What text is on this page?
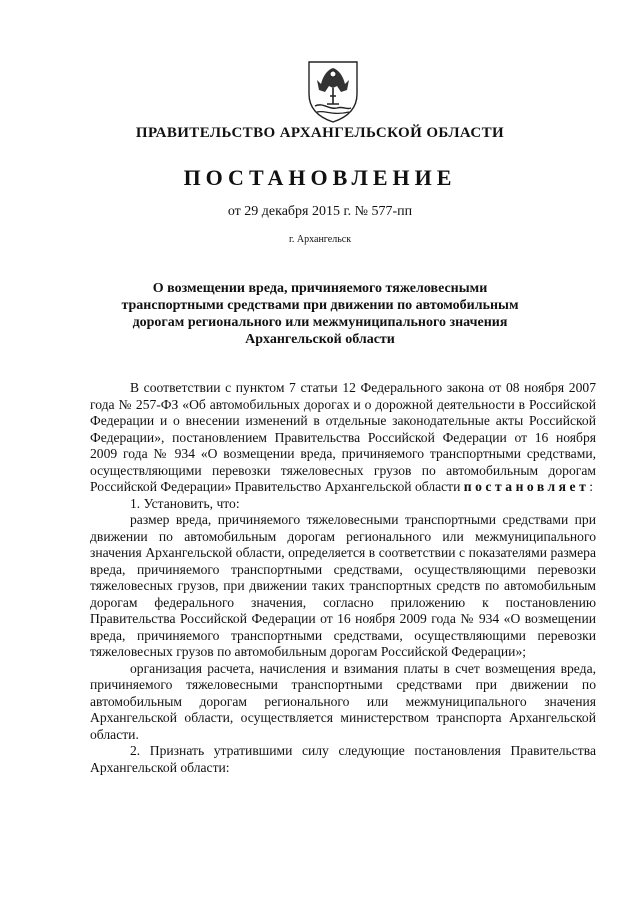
ПРАВИТЕЛЬСТВО АРХАНГЕЛЬСКОЙ ОБЛАСТИ
ПОСТАНОВЛЕНИЕ
от 29 декабря 2015 г. № 577-пп
г. Архангельск
О возмещении вреда, причиняемого тяжеловесными транспортными средствами при движении по автомобильным дорогам регионального или межмуниципального значения Архангельской области

В соответствии с пунктом 7 статьи 12 Федерального закона от 08 ноября 2007 года № 257-ФЗ «Об автомобильных дорогах и о дорожной деятельности в Российской Федерации и о внесении изменений в отдельные законодательные акты Российской Федерации», постановлением Правительства Российской Федерации от 16 ноября 2009 года № 934 «О возмещении вреда, причиняемого транспортными средствами, осуществляющими перевозки тяжеловесных грузов по автомобильным дорогам Российской Федерации» Правительство Архангельской области постановляет:

1. Установить, что:

размер вреда, причиняемого тяжеловесными транспортными средствами при движении по автомобильным дорогам регионального или межмуниципального значения Архангельской области, определяется в соответствии с показателями размера вреда, причиняемого транспортными средствами, осуществляющими перевозки тяжеловесных грузов, при движении таких транспортных средств по автомобильным дорогам федерального значения, согласно приложению к постановлению Правительства Российской Федерации от 16 ноября 2009 года № 934 «О возмещении вреда, причиняемого транспортными средствами, осуществляющими перевозки тяжеловесных грузов по автомобильным дорогам Российской Федерации»;

организация расчета, начисления и взимания платы в счет возмещения вреда, причиняемого тяжеловесными транспортными средствами при движении по автомобильным дорогам регионального или межмуниципального значения Архангельской области, осуществляется министерством транспорта Архангельской области.

2. Признать утратившими силу следующие постановления Правительства Архангельской области:
